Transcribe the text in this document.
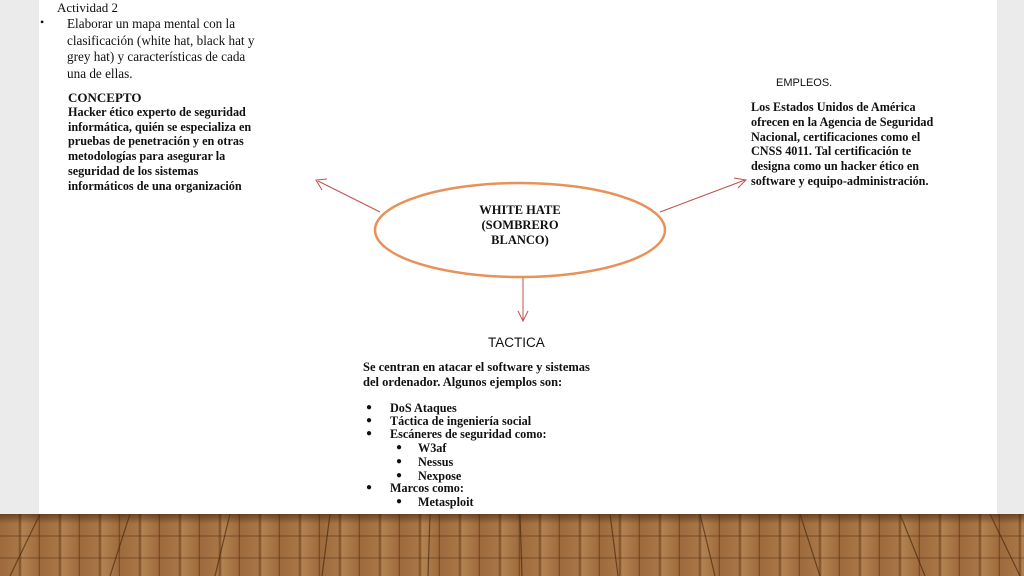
Actividad 2
• Elaborar un mapa mental con la
clasificación (white hat, black hat y
grey hat) y características de cada
una de ellas.
CONCEPTO
Hacker ético experto de seguridad
informática, quién se especializa en
pruebas de penetración y en otras
metodologías para asegurar la
seguridad de los sistemas
informáticos de una organización
WHITE HATE
(SOMBRERO
BLANCO)
EMPLEOS.
Los Estados Unidos de América
ofrecen en la Agencia de Seguridad
Nacional, certificaciones como el
CNSS 4011. Tal certificación te
designa como un hacker ético en
software y equipo-administración.
TACTICA
Se centran en atacar el software y sistemas
del ordenador. Algunos ejemplos son:
● DoS Ataques
● Táctica de ingeniería social
● Escáneres de seguridad como:
● W3af
● Nessus
● Nexpose
● Marcos como:
● Metasploit
